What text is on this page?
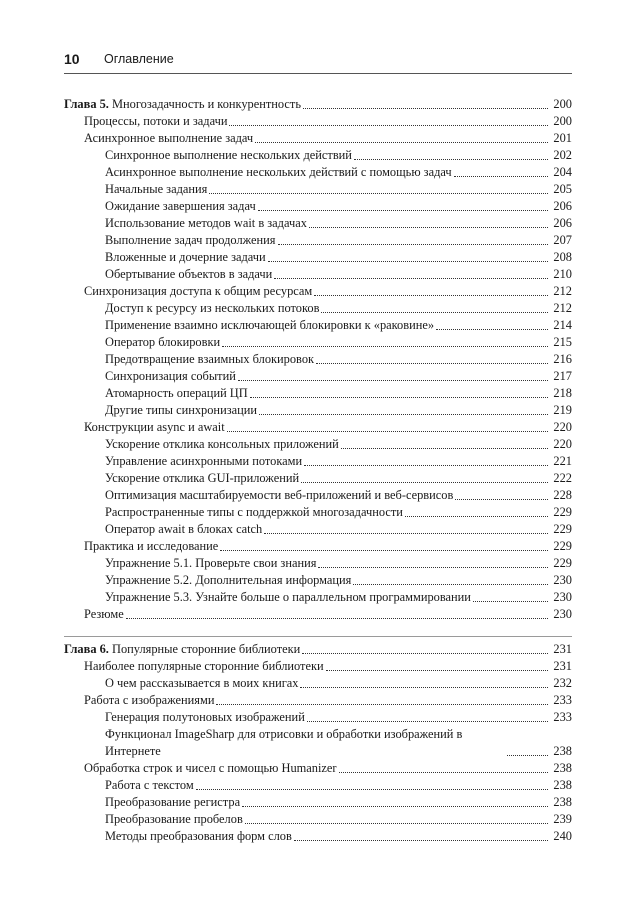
10 Оглавление
Глава 5. Многозадачность и конкурентность	200
Процессы, потоки и задачи	200
Асинхронное выполнение задач	201
Синхронное выполнение нескольких действий	202
Асинхронное выполнение нескольких действий с помощью задач	204
Начальные задания	205
Ожидание завершения задач	206
Использование методов wait в задачах	206
Выполнение задач продолжения	207
Вложенные и дочерние задачи	208
Обертывание объектов в задачи	210
Синхронизация доступа к общим ресурсам	212
Доступ к ресурсу из нескольких потоков	212
Применение взаимно исключающей блокировки к «раковине»	214
Оператор блокировки	215
Предотвращение взаимных блокировок	216
Синхронизация событий	217
Атомарность операций ЦП	218
Другие типы синхронизации	219
Конструкции async и await	220
Ускорение отклика консольных приложений	220
Управление асинхронными потоками	221
Ускорение отклика GUI-приложений	222
Оптимизация масштабируемости веб-приложений и веб-сервисов	228
Распространенные типы с поддержкой многозадачности	229
Оператор await в блоках catch	229
Практика и исследование	229
Упражнение 5.1. Проверьте свои знания	229
Упражнение 5.2. Дополнительная информация	230
Упражнение 5.3. Узнайте больше о параллельном программировании	230
Резюме	230
Глава 6. Популярные сторонние библиотеки	231
Наиболее популярные сторонние библиотеки	231
О чем рассказывается в моих книгах	232
Работа с изображениями	233
Генерация полутоновых изображений	233
Функционал ImageSharp для отрисовки и обработки изображений в Интернете	238
Обработка строк и чисел с помощью Humanizer	238
Работа с текстом	238
Преобразование регистра	238
Преобразование пробелов	239
Методы преобразования форм слов	240
